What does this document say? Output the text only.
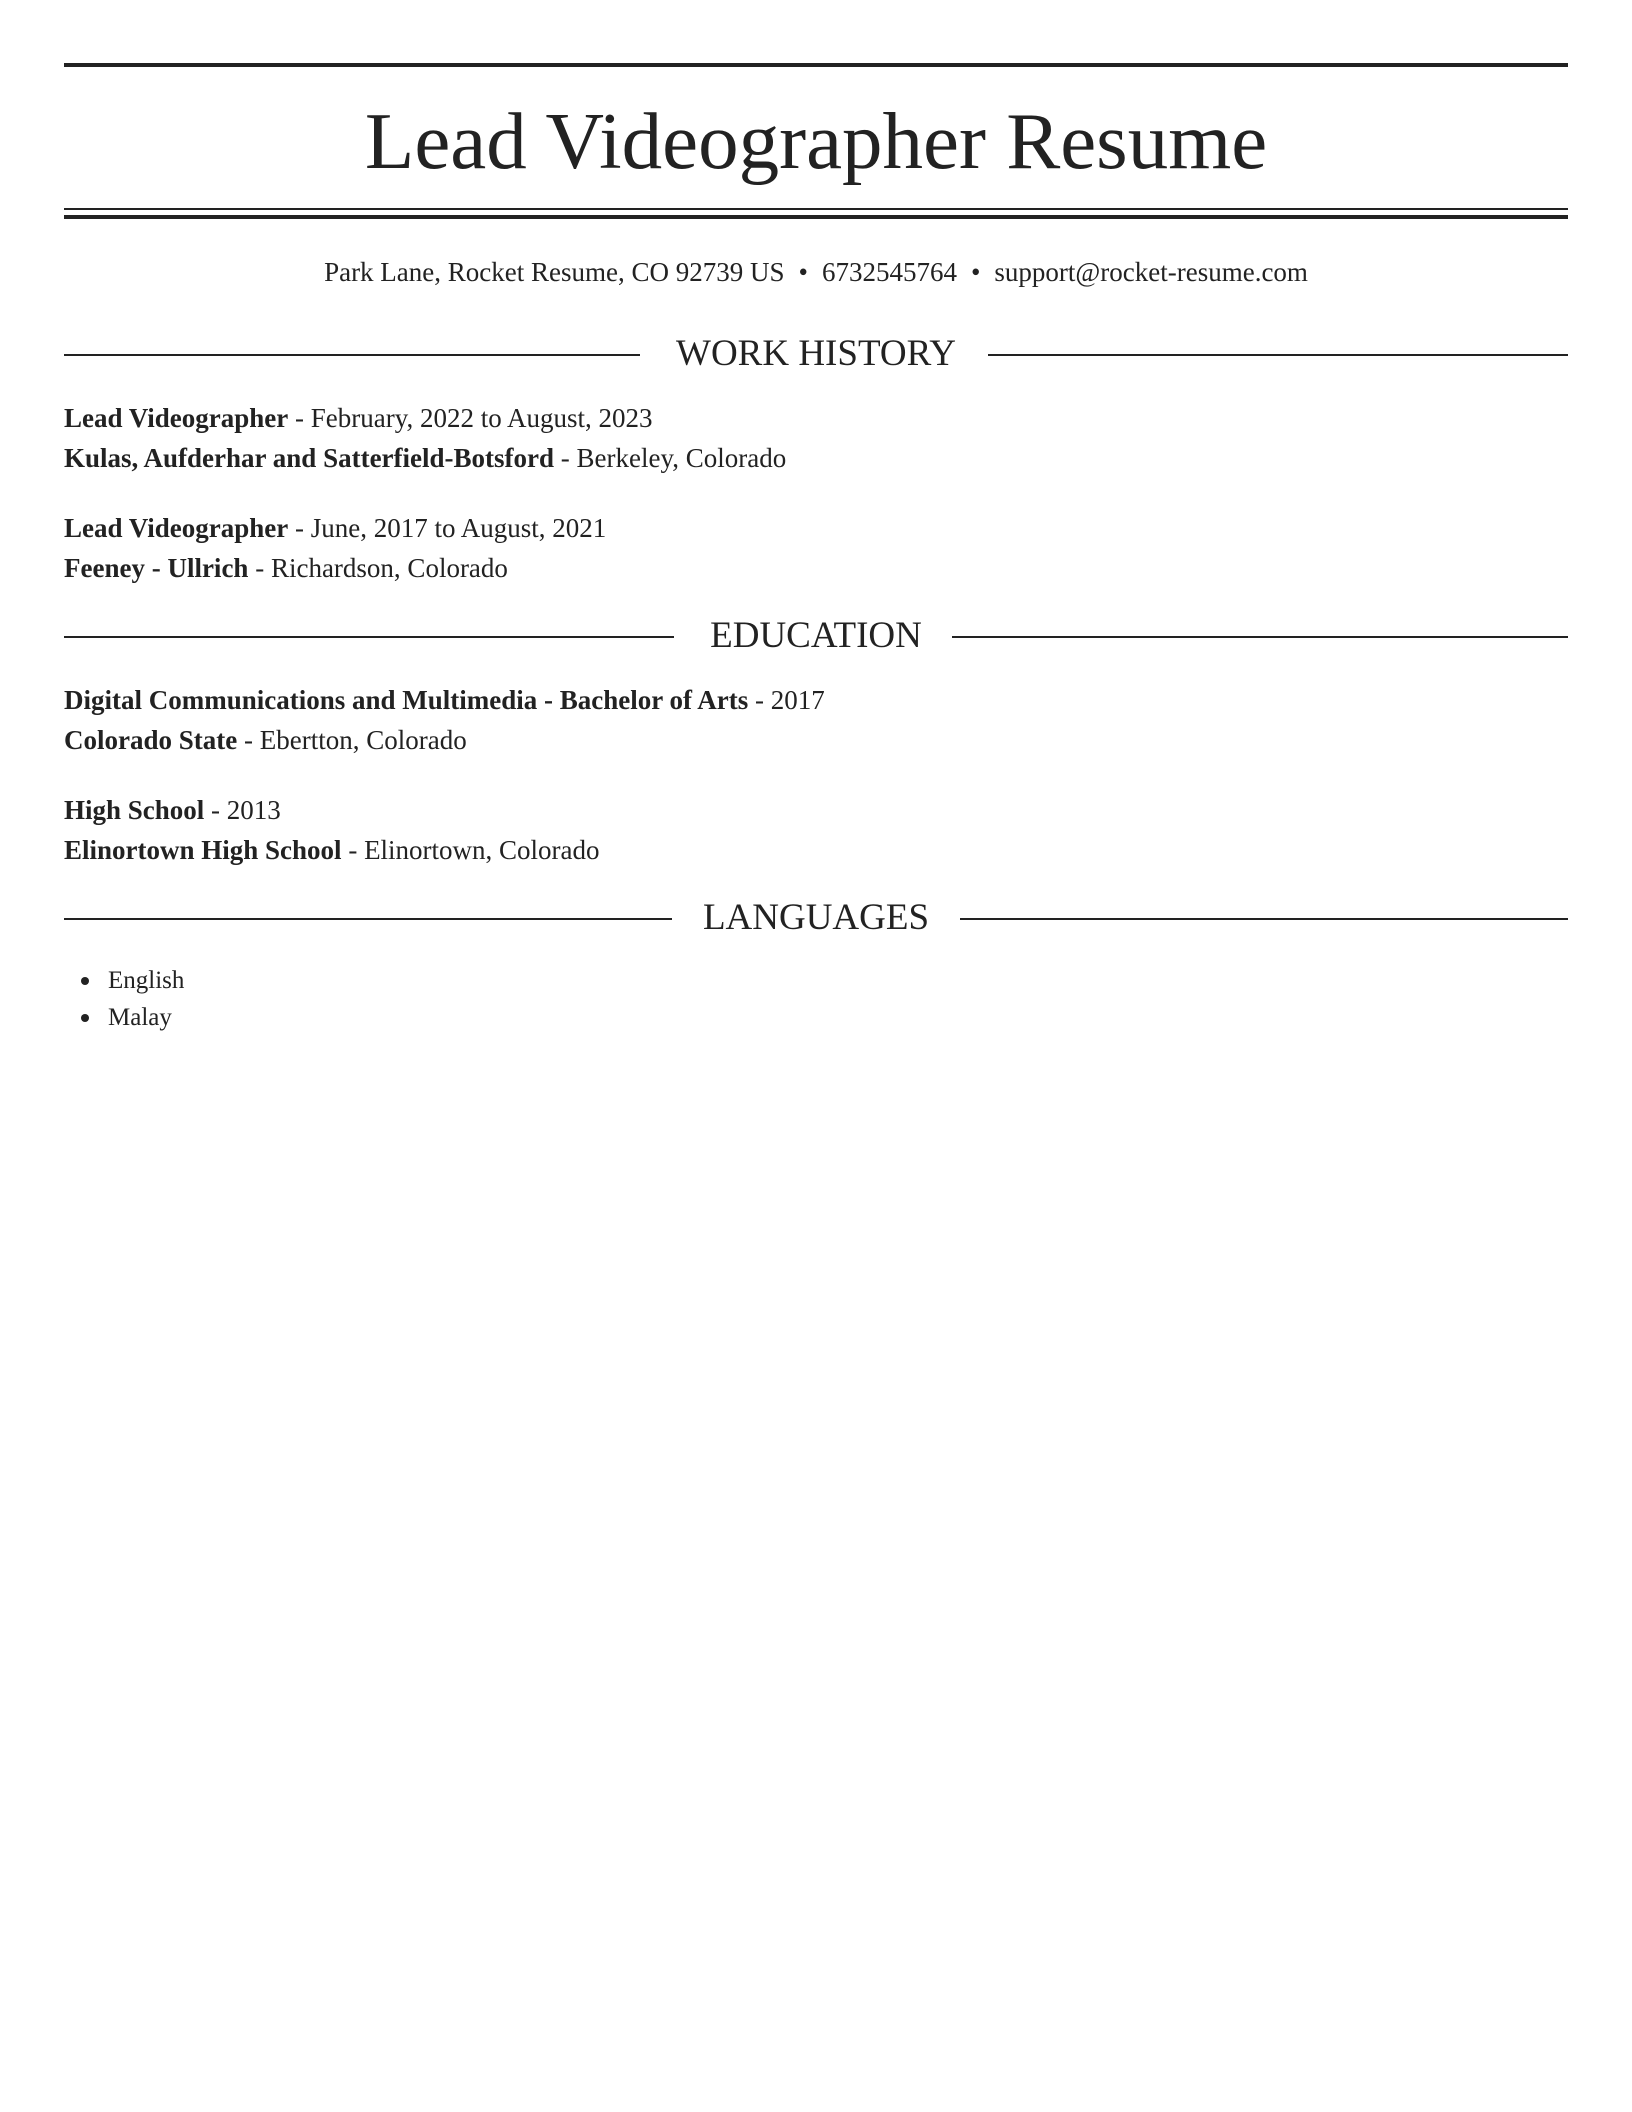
Lead Videographer Resume
Park Lane, Rocket Resume, CO 92739 US • 6732545764 • support@rocket-resume.com
WORK HISTORY
Lead Videographer - February, 2022 to August, 2023
Kulas, Aufderhar and Satterfield-Botsford - Berkeley, Colorado
Lead Videographer - June, 2017 to August, 2021
Feeney - Ullrich - Richardson, Colorado
EDUCATION
Digital Communications and Multimedia - Bachelor of Arts - 2017
Colorado State - Ebertton, Colorado
High School - 2013
Elinortown High School - Elinortown, Colorado
LANGUAGES
English
Malay
